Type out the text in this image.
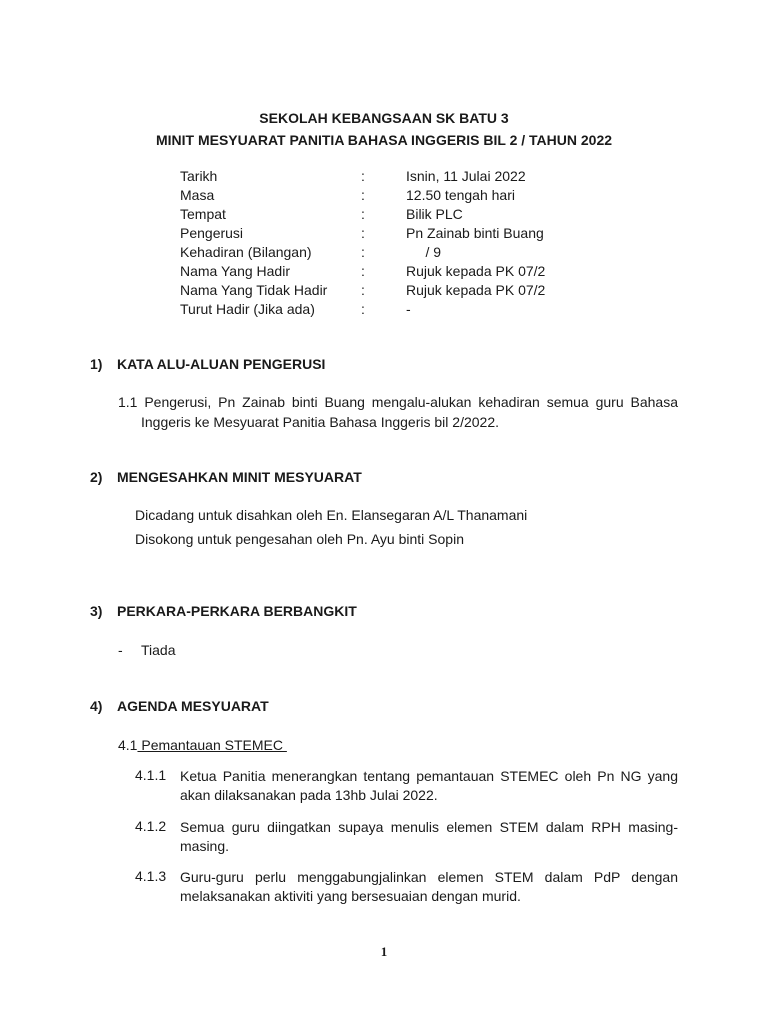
SEKOLAH KEBANGSAAN SK BATU 3
MINIT MESYUARAT PANITIA BAHASA INGGERIS BIL 2 / TAHUN 2022
Tarikh	:	Isnin, 11 Julai 2022
Masa	:	12.50 tengah hari
Tempat	:	Bilik PLC
Pengerusi	:	Pn Zainab binti Buang
Kehadiran (Bilangan)	:	/ 9
Nama Yang Hadir	:	Rujuk kepada PK 07/2
Nama Yang Tidak Hadir :	Rujuk kepada PK 07/2
Turut Hadir (Jika ada)	:	-
1) KATA ALU-ALUAN PENGERUSI
1.1 Pengerusi, Pn Zainab binti Buang mengalu-alukan kehadiran semua guru Bahasa
Inggeris ke Mesyuarat Panitia Bahasa Inggeris bil 2/2022.
2) MENGESAHKAN MINIT MESYUARAT
Dicadang untuk disahkan oleh En. Elansegaran A/L Thanamani
Disokong untuk pengesahan oleh Pn. Ayu binti Sopin
3) PERKARA-PERKARA BERBANGKIT
- Tiada
4) AGENDA MESYUARAT
4.1 Pemantauan STEMEC
4.1.1 Ketua Panitia menerangkan tentang pemantauan STEMEC oleh Pn NG yang akan dilaksanakan pada 13hb Julai 2022.
4.1.2 Semua guru diingatkan supaya menulis elemen STEM dalam RPH masing-masing.
4.1.3 Guru-guru perlu menggabungjalinkan elemen STEM dalam PdP dengan melaksanakan aktiviti yang bersesuaian dengan murid.
1
